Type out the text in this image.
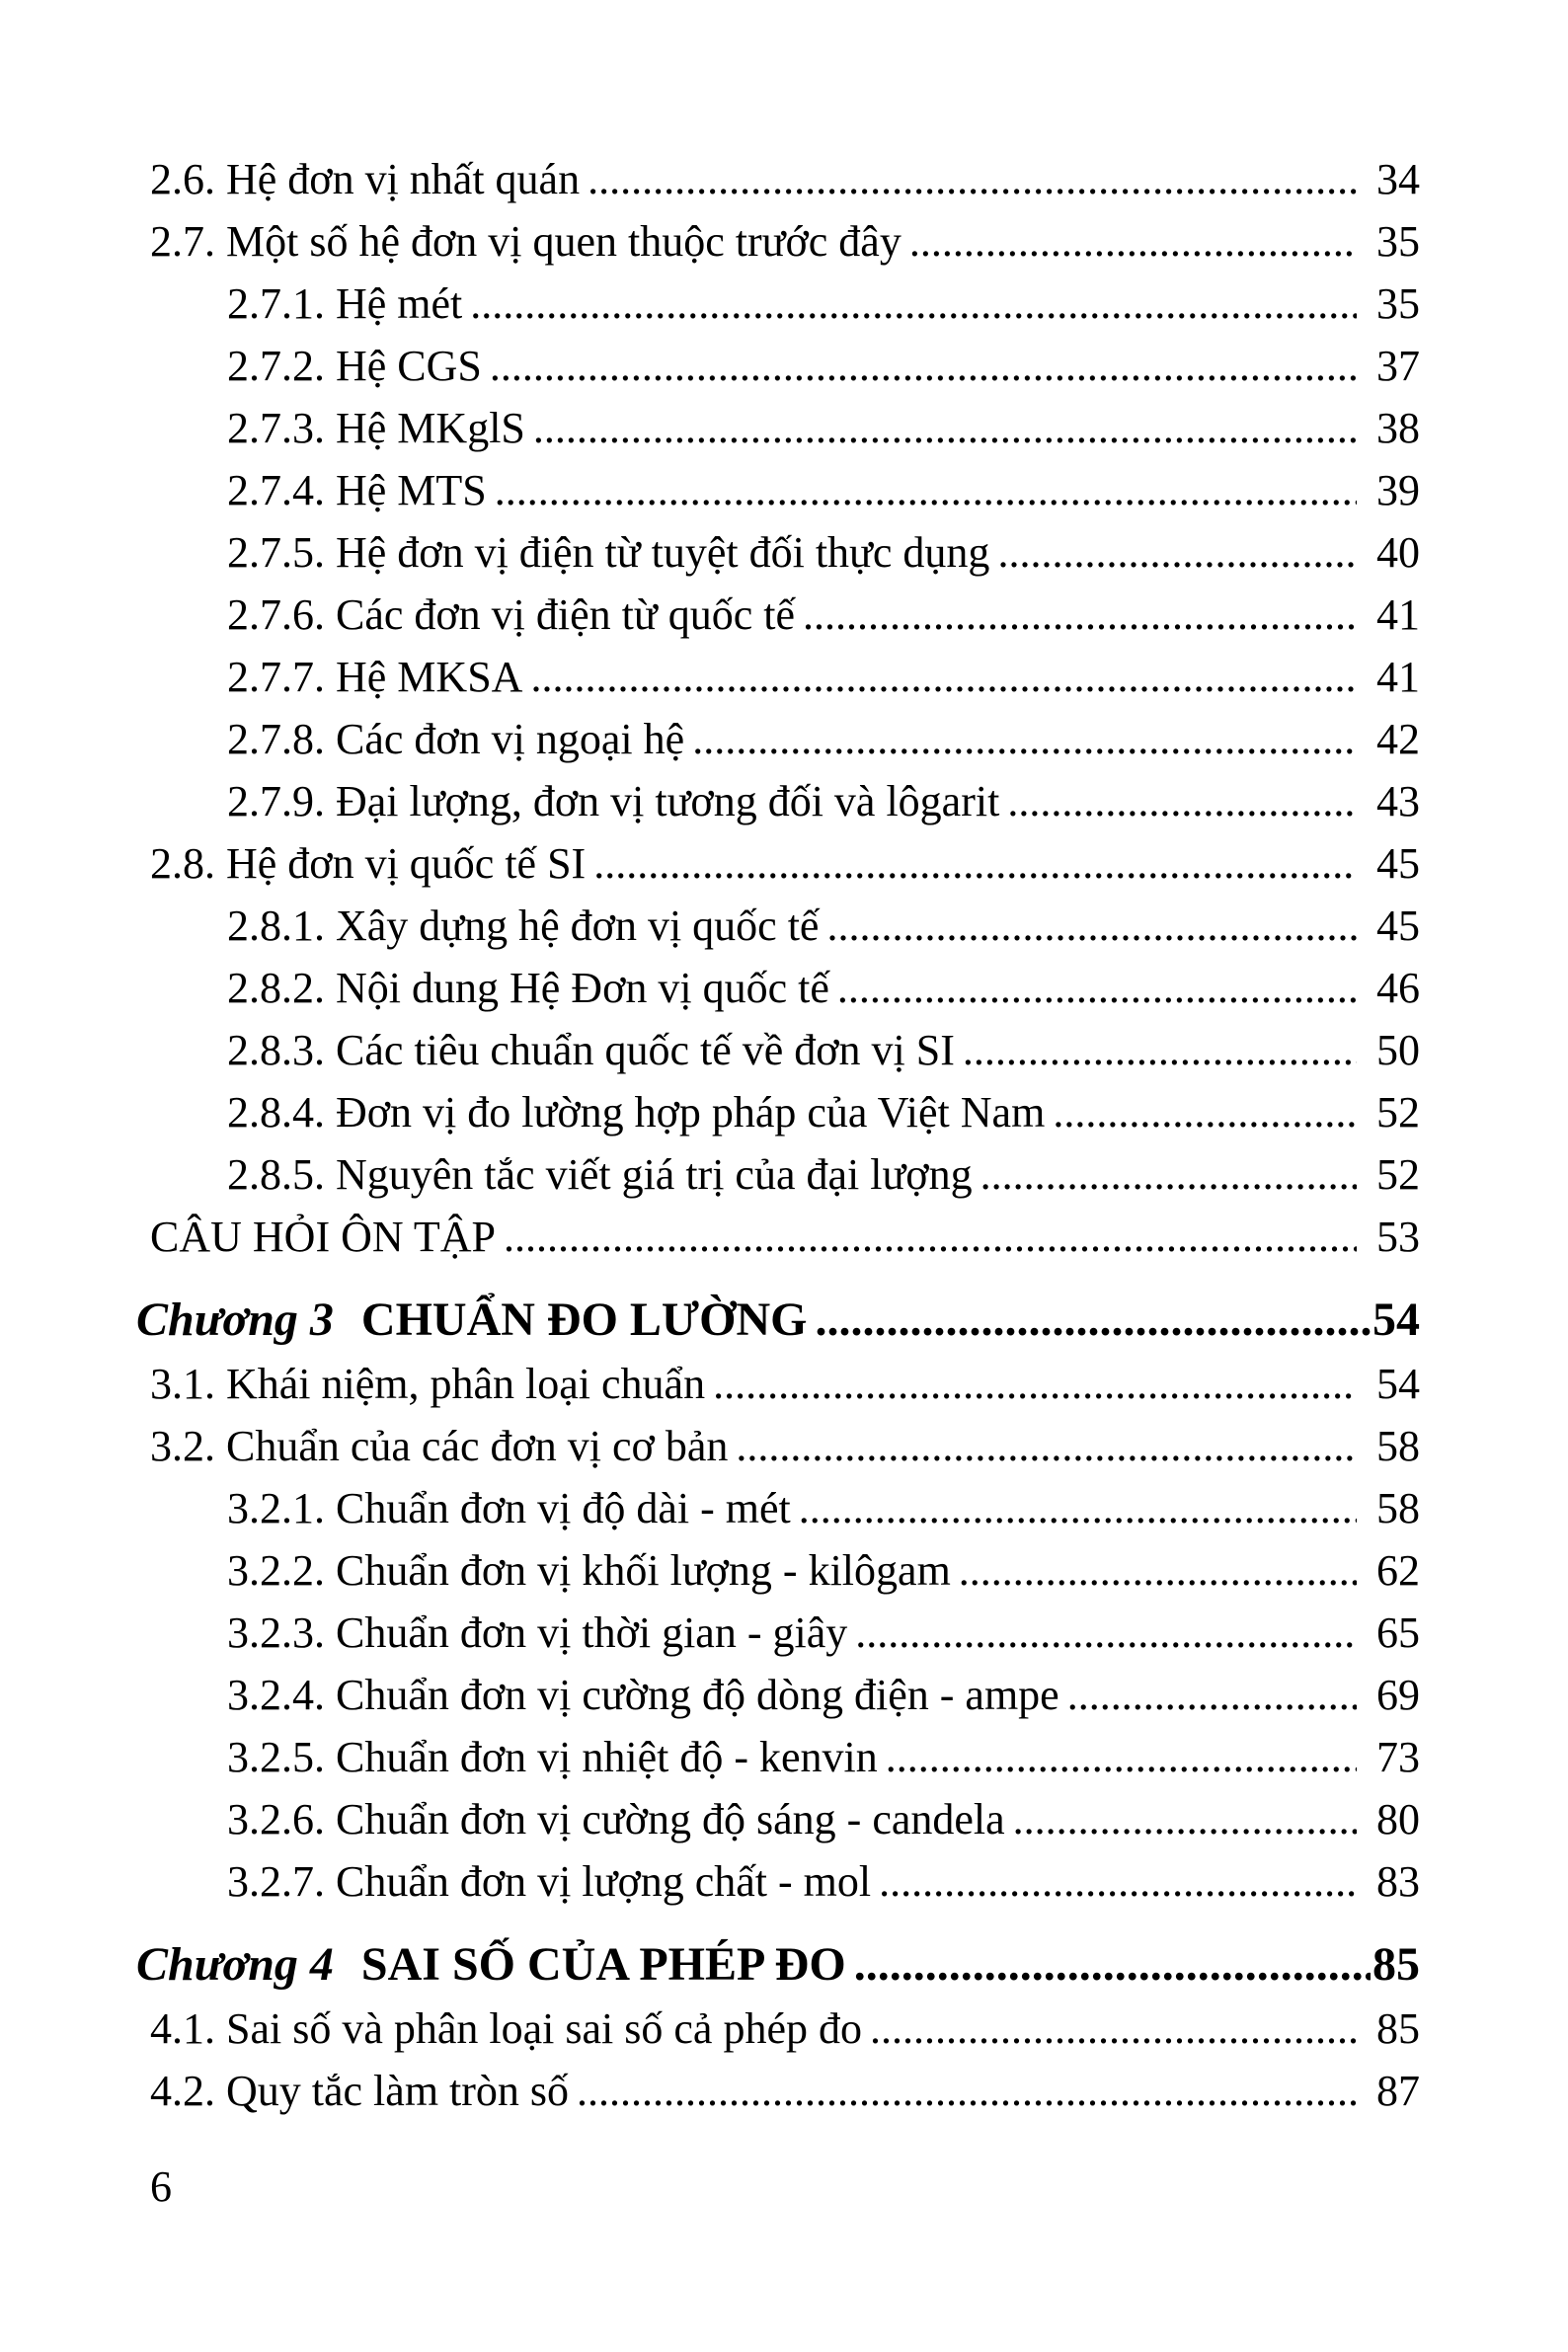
2.6. Hệ đơn vị nhất quán .....	34
2.7. Một số hệ đơn vị quen thuộc trước đây .....	35
2.7.1. Hệ mét .....	35
2.7.2. Hệ CGS .....	37
2.7.3. Hệ MKglS .....	38
2.7.4. Hệ MTS .....	39
2.7.5. Hệ đơn vị điện từ tuyệt đối thực dụng .....	40
2.7.6. Các đơn vị điện từ quốc tế .....	41
2.7.7. Hệ MKSA .....	41
2.7.8. Các đơn vị ngoại hệ .....	42
2.7.9. Đại lượng, đơn vị tương đối và lôgarit .....	43
2.8. Hệ đơn vị quốc tế SI .....	45
2.8.1. Xây dựng hệ đơn vị quốc tế .....	45
2.8.2. Nội dung Hệ Đơn vị quốc tế .....	46
2.8.3. Các tiêu chuẩn quốc tế về đơn vị SI .....	50
2.8.4. Đơn vị đo lường hợp pháp của Việt Nam .....	52
2.8.5. Nguyên tắc viết giá trị của đại lượng .....	52
CÂU HỎI ÔN TẬP .....	53
Chương 3 CHUẨN ĐO LƯỜNG .....	54
3.1. Khái niệm, phân loại chuẩn .....	54
3.2. Chuẩn của các đơn vị cơ bản .....	58
3.2.1. Chuẩn đơn vị độ dài - mét .....	58
3.2.2. Chuẩn đơn vị khối lượng - kilôgam .....	62
3.2.3. Chuẩn đơn vị thời gian - giây .....	65
3.2.4. Chuẩn đơn vị cường độ dòng điện - ampe .....	69
3.2.5. Chuẩn đơn vị nhiệt độ - kenvin .....	73
3.2.6. Chuẩn đơn vị cường độ sáng - candela .....	80
3.2.7. Chuẩn đơn vị lượng chất - mol .....	83
Chương 4 SAI SỐ CỦA PHÉP ĐO .....	85
4.1. Sai số và phân loại sai số cả phép đo .....	85
4.2. Quy tắc làm tròn số .....	87
6
